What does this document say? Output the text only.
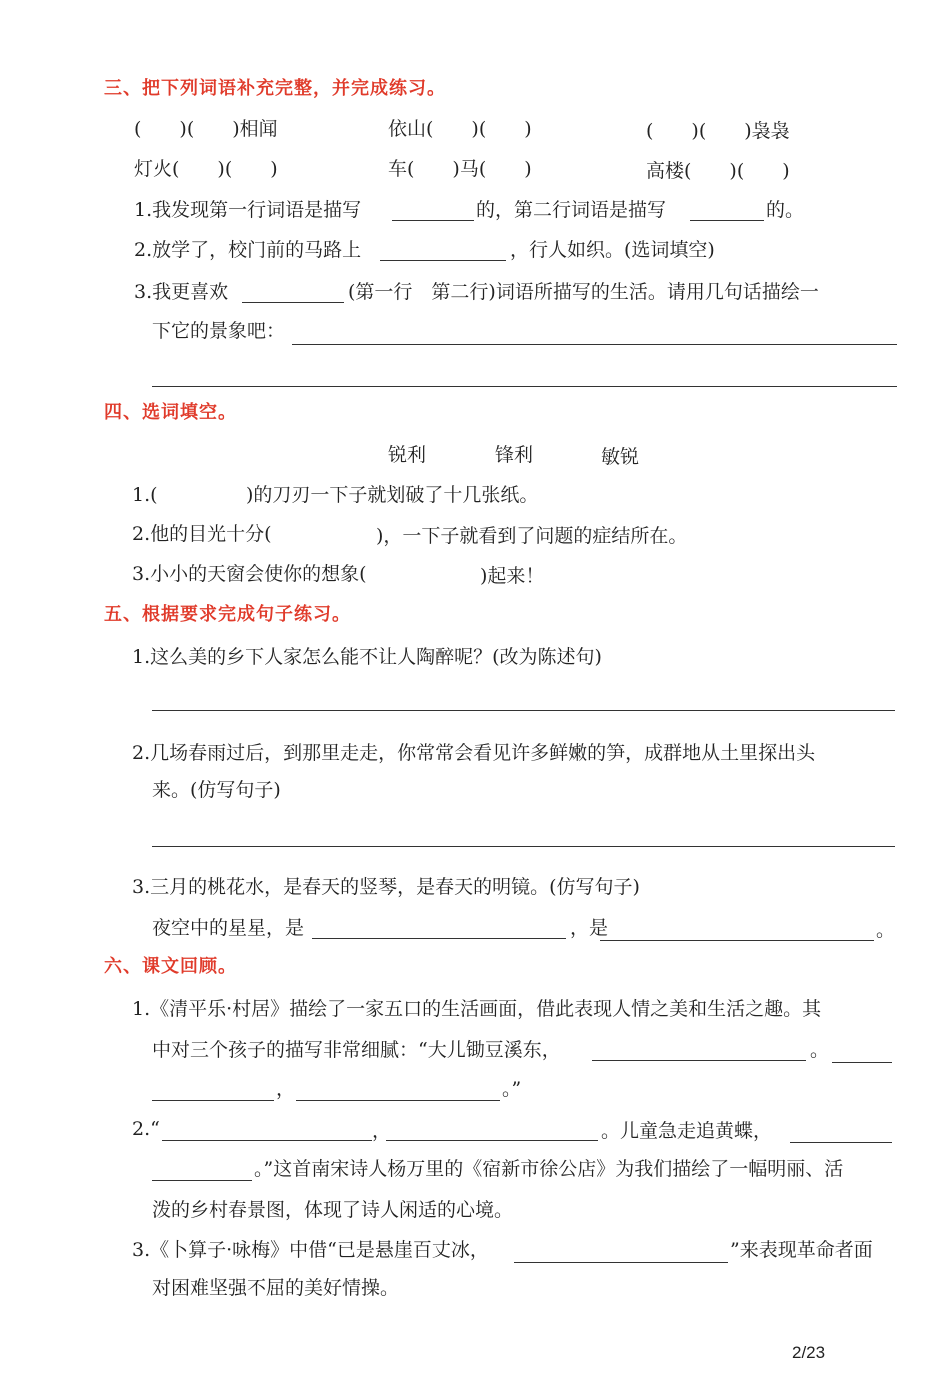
三、把下列词语补充完整，并完成练习。
(　　)(　　)相闻	依山(　　)(　　)	(　　)(　　)袅袅
灯火(　　)(　　)	车(　　)马(　　)	高楼(　　)(　　)
1.我发现第一行词语是描写	的，第二行词语是描写	的。
2.放学了，校门前的马路上	，行人如织。(选词填空)
3.我更喜欢	(第一行　第二行)词语所描写的生活。请用几句话描绘一
下它的景象吧：
四、选词填空。
锐利	锋利	敏锐
1.(	)的刀刃一下子就划破了十几张纸。
2.他的目光十分(	)，一下子就看到了问题的症结所在。
3.小小的天窗会使你的想象(	)起来！
五、根据要求完成句子练习。
1.这么美的乡下人家怎么能不让人陶醉呢？(改为陈述句)
2.几场春雨过后，到那里走走，你常常会看见许多鲜嫩的笋，成群地从土里探出头
来。(仿写句子)
3.三月的桃花水，是春天的竖琴，是春天的明镜。(仿写句子)
夜空中的星星，是	，是	。
六、课文回顾。
1.《清平乐·村居》描绘了一家五口的生活画面，借此表现人情之美和生活之趣。其
中对三个孩子的描写非常细腻：“大儿锄豆溪东，	。
，	。”
2.“	，	。儿童急走追黄蝶，
。”这首南宋诗人杨万里的《宿新市徐公店》为我们描绘了一幅明丽、活
泼的乡村春景图，体现了诗人闲适的心境。
3.《卜算子·咏梅》中借“已是悬崖百丈冰，	”来表现革命者面
对困难坚强不屈的美好情操。
2/23
